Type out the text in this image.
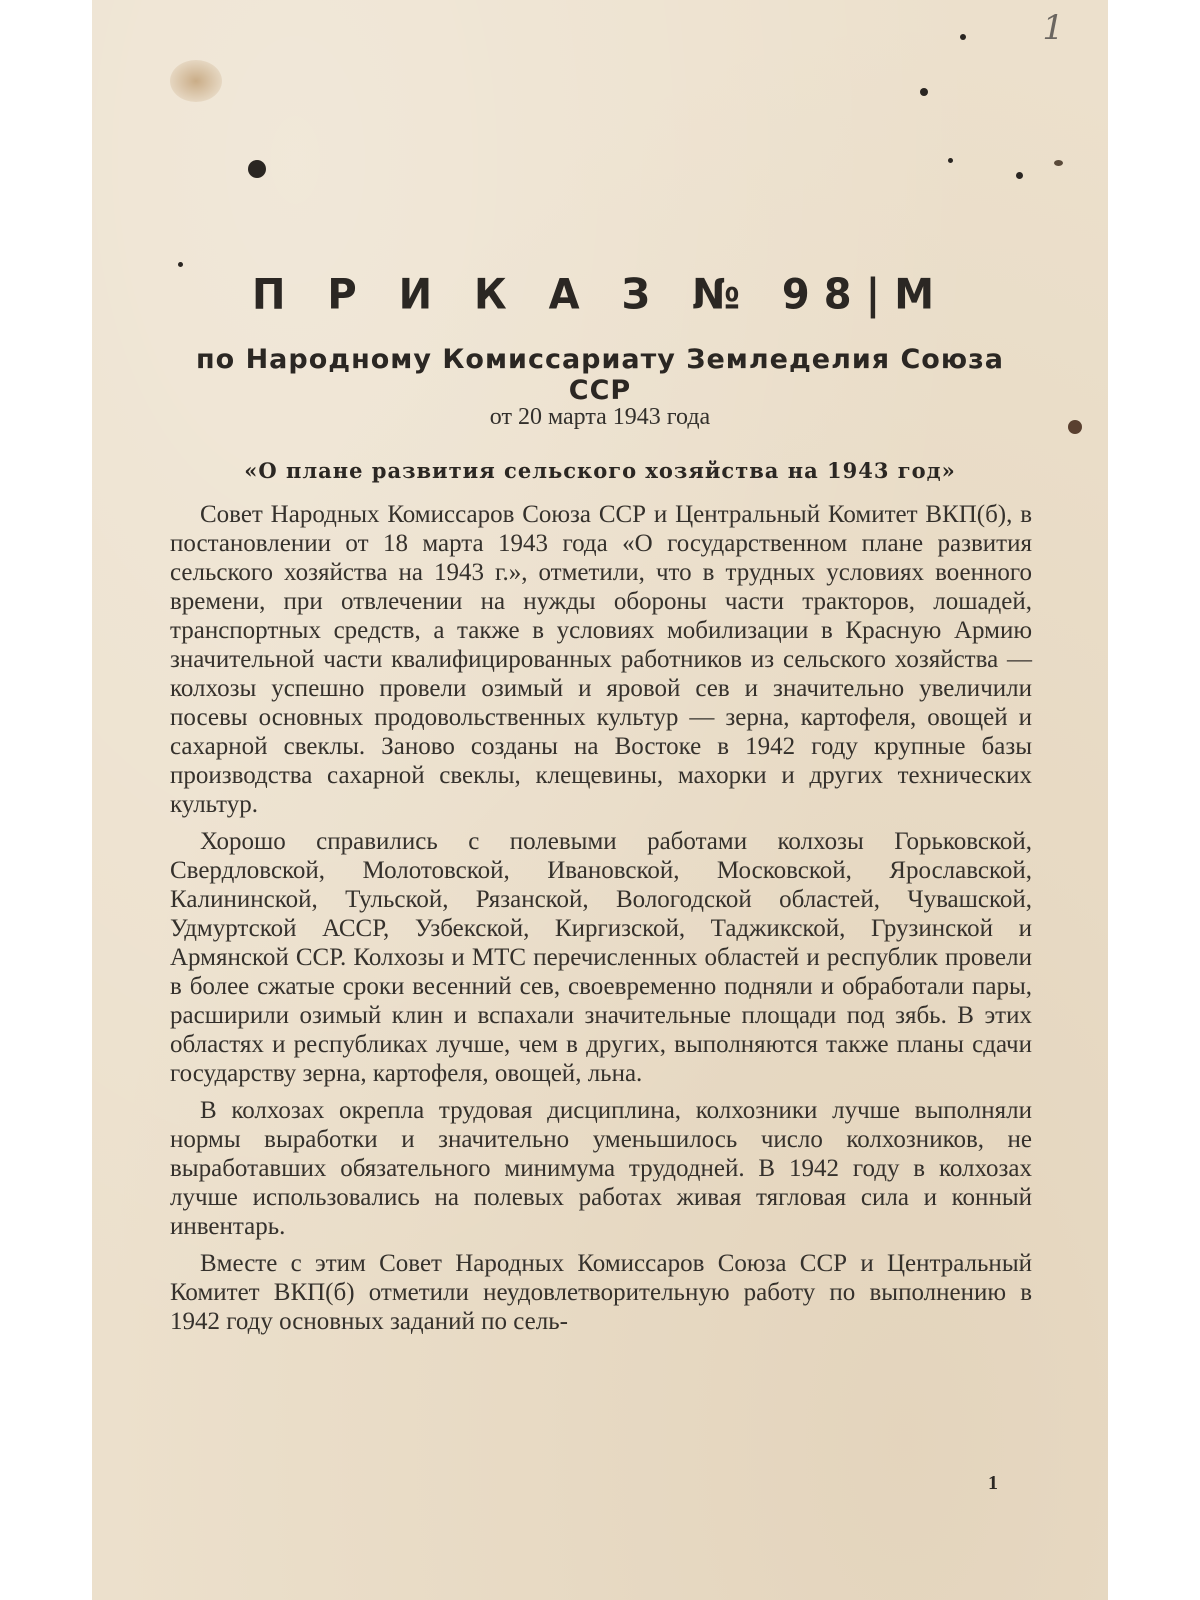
1
П Р И К А З № 98|М
по Народному Комиссариату Земледелия Союза ССР
от 20 марта 1943 года
«О плане развития сельского хозяйства на 1943 год»

Совет Народных Комиссаров Союза ССР и Центральный Комитет ВКП(б), в постановлении от 18 марта 1943 года «О государственном плане развития сельского хозяйства на 1943 г.», отметили, что в трудных условиях военного времени, при отвлечении на нужды обороны части тракторов, лошадей, транспортных средств, а также в условиях мобилизации в Красную Армию значительной части квалифицированных работников из сельского хозяйства — колхозы успешно провели озимый и яровой сев и значительно увеличили посевы основных продовольственных культур — зерна, картофеля, овощей и сахарной свеклы. Заново созданы на Востоке в 1942 году крупные базы производства сахарной свеклы, клещевины, махорки и других технических культур.

Хорошо справились с полевыми работами колхозы Горьковской, Свердловской, Молотовской, Ивановской, Московской, Ярославской, Калининской, Тульской, Рязанской, Вологодской областей, Чувашской, Удмуртской АССР, Узбекской, Киргизской, Таджикской, Грузинской и Армянской ССР. Колхозы и МТС перечисленных областей и республик провели в более сжатые сроки весенний сев, своевременно подняли и обработали пары, расширили озимый клин и вспахали значительные площади под зябь. В этих областях и республиках лучше, чем в других, выполняются также планы сдачи государству зерна, картофеля, овощей, льна.

В колхозах окрепла трудовая дисциплина, колхозники лучше выполняли нормы выработки и значительно уменьшилось число колхозников, не выработавших обязательного минимума трудодней. В 1942 году в колхозах лучше использовались на полевых работах живая тягловая сила и конный инвентарь.

Вместе с этим Совет Народных Комиссаров Союза ССР и Центральный Комитет ВКП(б) отметили неудовлетворительную работу по выполнению в 1942 году основных заданий по сель-

1
